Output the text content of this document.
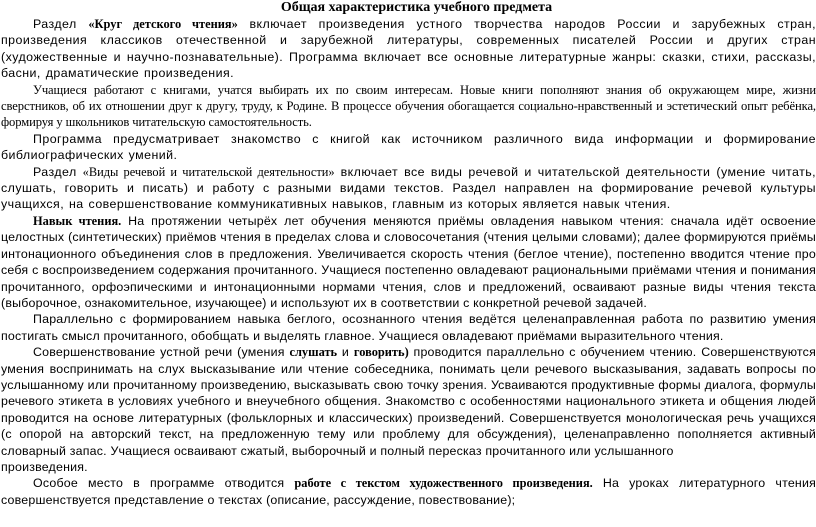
Общая характеристика учебного предмета

Раздел «Круг детского чтения» включает произведения устного творчества народов России и зарубежных стран, произведения классиков отечественной и зарубежной литературы, современных писателей России и других стран (художественные и научно-познавательные). Программа включает все основные литературные жанры: сказки, стихи, рассказы, басни, драматические произведения.

Учащиеся работают с книгами, учатся выбирать их по своим интересам. Новые книги пополняют знания об окружающем мире, жизни сверстников, об их отношении друг к другу, труду, к Родине. В процессе обучения обогащается социально-нравственный и эстетический опыт ребёнка, формируя у школьников читательскую самостоятельность.

Программа предусматривает знакомство с книгой как источником различного вида информации и формирование библиографических умений.

Раздел «Виды речевой и читательской деятельности» включает все виды речевой и читательской деятельности (умение читать, слушать, говорить и писать) и работу с разными видами текстов. Раздел направлен на формирование речевой культуры учащихся, на совершенствование коммуникативных навыков, главным из которых является навык чтения.

Навык чтения. На протяжении четырёх лет обучения меняются приёмы овладения навыком чтения: сначала идёт освоение целостных (синтетических) приёмов чтения в пределах слова и словосочетания (чтения целыми словами); далее формируются приёмы интонационного объединения слов в предложения. Увеличивается скорость чтения (беглое чтение), постепенно вводится чтение про себя с воспроизведением содержания прочитанного. Учащиеся постепенно овладевают рациональными приёмами чтения и понимания прочитанного, орфоэпическими и интонационными нормами чтения, слов и предложений, осваивают разные виды чтения текста (выборочное, ознакомительное, изучающее) и используют их в соответствии с конкретной речевой задачей.

Параллельно с формированием навыка беглого, осознанного чтения ведётся целенаправленная работа по развитию умения постигать смысл прочитанного, обобщать и выделять главное. Учащиеся овладевают приёмами выразительного чтения.

Совершенствование устной речи (умения слушать и говорить) проводится параллельно с обучением чтению. Совершенствуются умения воспринимать на слух высказывание или чтение собеседника, понимать цели речевого высказывания, задавать вопросы по услышанному или прочитанному произведению, высказывать свою точку зрения. Усваиваются продуктивные формы диалога, формулы речевого этикета в условиях учебного и внеучебного общения. Знакомство с особенностями национального этикета и общения людей проводится на основе литературных (фольклорных и классических) произведений. Совершенствуется монологическая речь учащихся (с опорой на авторский текст, на предложенную тему или проблему для обсуждения), целенаправленно пополняется активный словарный запас. Учащиеся осваивают сжатый, выборочный и полный пересказ прочитанного или услышанного
произведения.

Особое место в программе отводится работе с текстом художественного произведения. На уроках литературного чтения совершенствуется представление о текстах (описание, рассуждение, повествование);
